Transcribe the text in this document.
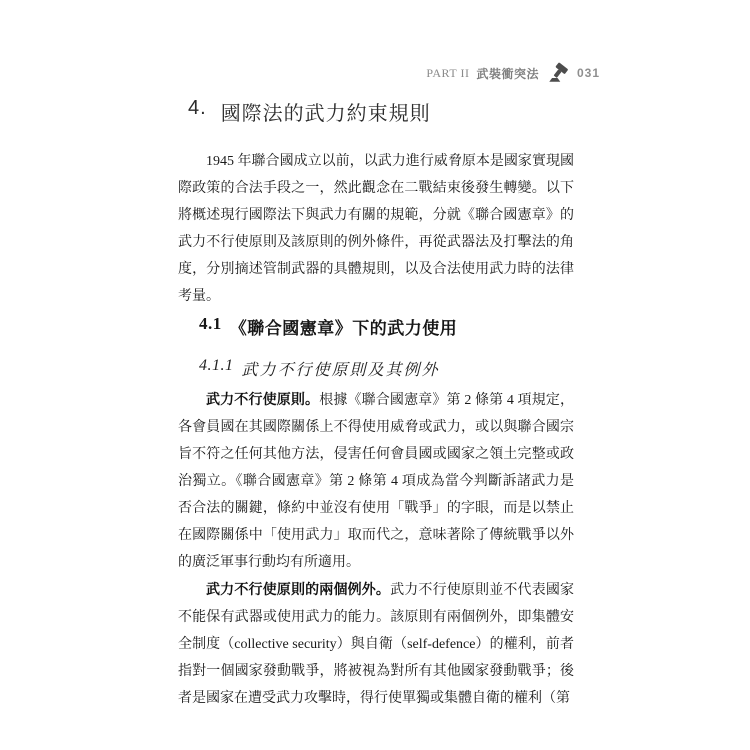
PART II 武裝衝突法	031
4. 國際法的武力約束規則

1945 年聯合國成立以前，以武力進行威脅原本是國家實現國際政策的合法手段之一，然此觀念在二戰結束後發生轉變。以下將概述現行國際法下與武力有關的規範，分就《聯合國憲章》的武力不行使原則及該原則的例外條件，再從武器法及打擊法的角度，分別摘述管制武器的具體規則，以及合法使用武力時的法律考量。

4.1 《聯合國憲章》下的武力使用
4.1.1 武力不行使原則及其例外

武力不行使原則。根據《聯合國憲章》第 2 條第 4 項規定，各會員國在其國際關係上不得使用威脅或武力，或以與聯合國宗旨不符之任何其他方法，侵害任何會員國或國家之領土完整或政治獨立。《聯合國憲章》第 2 條第 4 項成為當今判斷訴諸武力是否合法的關鍵，條約中並沒有使用「戰爭」的字眼，而是以禁止在國際關係中「使用武力」取而代之，意味著除了傳統戰爭以外的廣泛軍事行動均有所適用。

武力不行使原則的兩個例外。武力不行使原則並不代表國家不能保有武器或使用武力的能力。該原則有兩個例外，即集體安全制度（collective security）與自衛（self-defence）的權利，前者指對一個國家發動戰爭，將被視為對所有其他國家發動戰爭；後者是國家在遭受武力攻擊時，得行使單獨或集體自衛的權利（第
